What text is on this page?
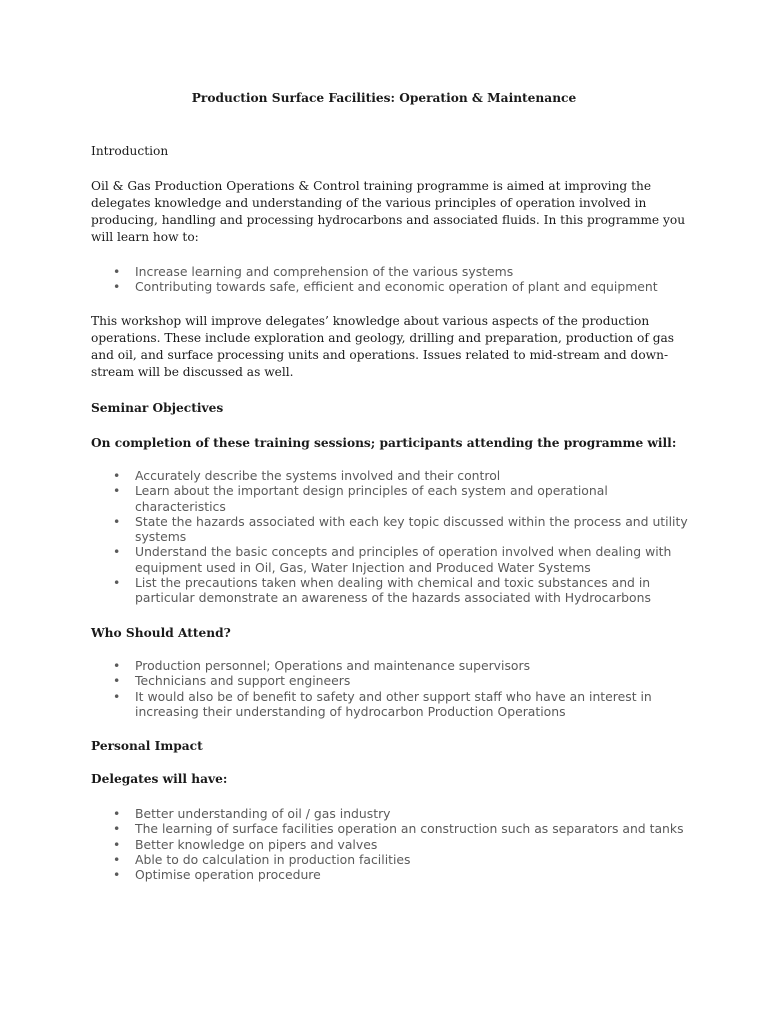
Production Surface Facilities: Operation & Maintenance

Introduction

Oil & Gas Production Operations & Control training programme is aimed at improving the delegates knowledge and understanding of the various principles of operation involved in producing, handling and processing hydrocarbons and associated fluids. In this programme you will learn how to:

• Increase learning and comprehension of the various systems
• Contributing towards safe, efficient and economic operation of plant and equipment

This workshop will improve delegates’ knowledge about various aspects of the production operations. These include exploration and geology, drilling and preparation, production of gas and oil, and surface processing units and operations. Issues related to mid-stream and down-stream will be discussed as well.

Seminar Objectives

On completion of these training sessions; participants attending the programme will:

• Accurately describe the systems involved and their control
• Learn about the important design principles of each system and operational characteristics
• State the hazards associated with each key topic discussed within the process and utility systems
• Understand the basic concepts and principles of operation involved when dealing with equipment used in Oil, Gas, Water Injection and Produced Water Systems
• List the precautions taken when dealing with chemical and toxic substances and in particular demonstrate an awareness of the hazards associated with Hydrocarbons

Who Should Attend?

• Production personnel; Operations and maintenance supervisors
• Technicians and support engineers
• It would also be of benefit to safety and other support staff who have an interest in increasing their understanding of hydrocarbon Production Operations

Personal Impact

Delegates will have:

• Better understanding of oil / gas industry
• The learning of surface facilities operation an construction such as separators and tanks
• Better knowledge on pipers and valves
• Able to do calculation in production facilities
• Optimise operation procedure
